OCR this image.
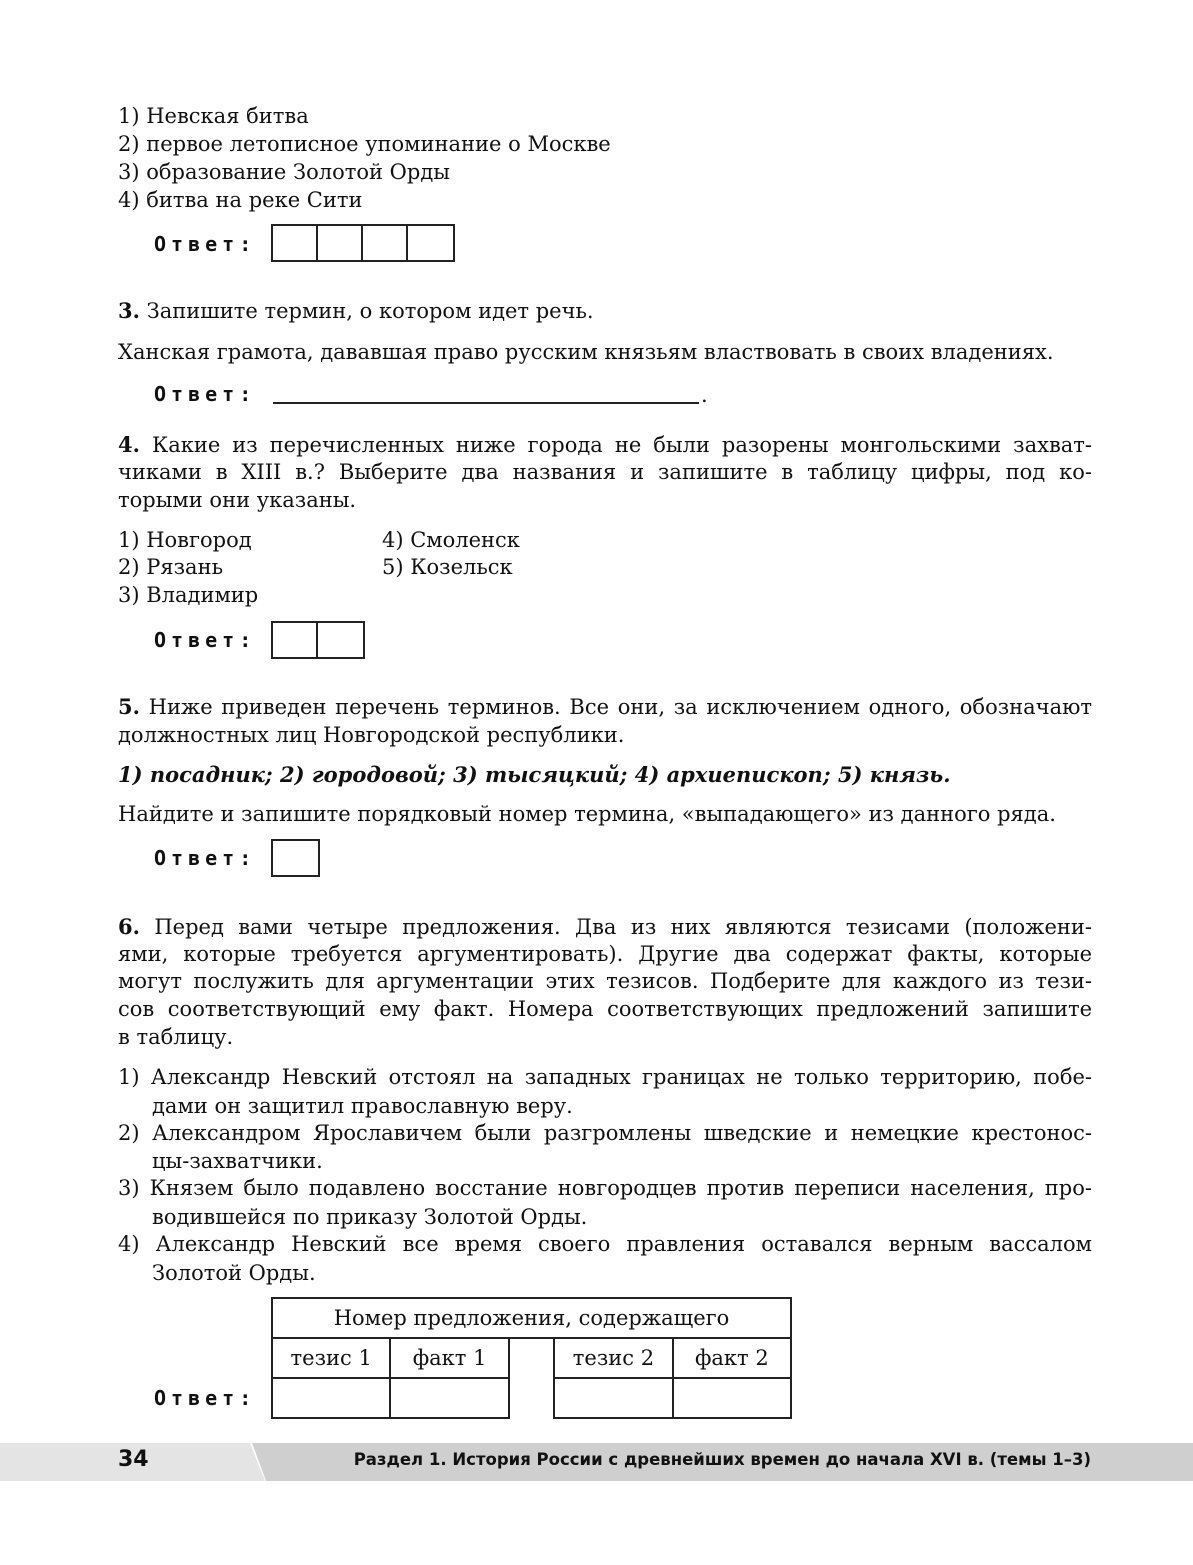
1) Невская битва
2) первое летописное упоминание о Москве
3) образование Золотой Орды
4) битва на реке Сити
Ответ:
3. Запишите термин, о котором идет речь.
Ханская грамота, дававшая право русским князьям властвовать в своих владениях.
Ответ:	.
4. Какие из перечисленных ниже города не были разорены монгольскими захват-
чиками в XIII в.? Выберите два названия и запишите в таблицу цифры, под ко-
торыми они указаны.
1) Новгород
2) Рязань
3) Владимир
4) Смоленск
5) Козельск
Ответ:
5. Ниже приведен перечень терминов. Все они, за исключением одного, обозначают
должностных лиц Новгородской республики.
1) посадник; 2) городовой; 3) тысяцкий; 4) архиепископ; 5) князь.
Найдите и запишите порядковый номер термина, «выпадающего» из данного ряда.
Ответ:
6. Перед вами четыре предложения. Два из них являются тезисами (положени-
ями, которые требуется аргументировать). Другие два содержат факты, которые
могут послужить для аргументации этих тезисов. Подберите для каждого из тези-
сов соответствующий ему факт. Номера соответствующих предложений запишите
в таблицу.
1) Александр Невский отстоял на западных границах не только территорию, побе-
дами он защитил православную веру.
2) Александром Ярославичем были разгромлены шведские и немецкие крестонос-
цы-захватчики.
3) Князем было подавлено восстание новгородцев против переписи населения, про-
водившейся по приказу Золотой Орды.
4) Александр Невский все время своего правления оставался верным вассалом
Золотой Орды.
Ответ:
Номер предложения, содержащего				
тезис 1	факт 1		тезис 2	факт 2

34	Раздел 1. История России с древнейших времен до начала XVI в. (темы 1–3)
